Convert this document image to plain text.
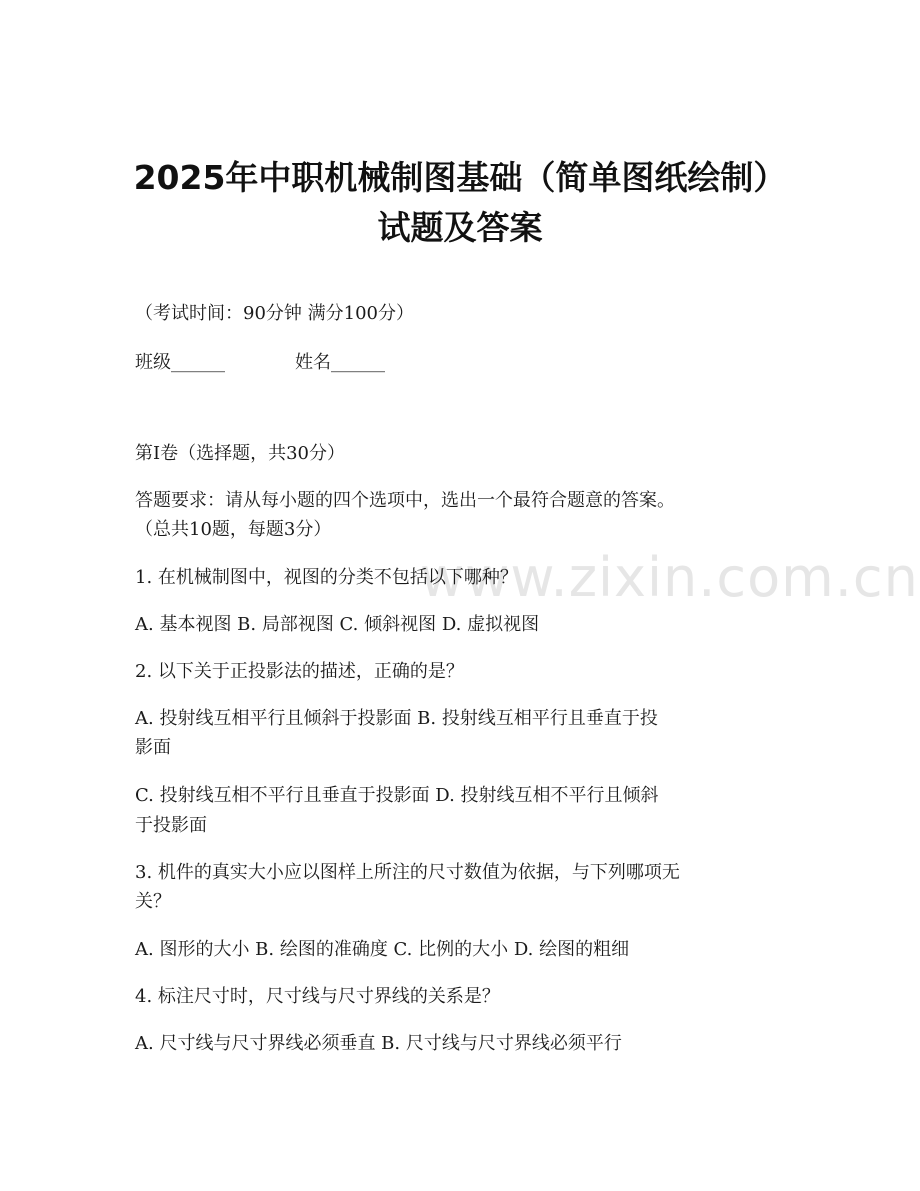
www.zixin.com.cn
2025年中职机械制图基础（简单图纸绘制）
试题及答案
（考试时间：90分钟 满分100分）
班级______	姓名______
第Ⅰ卷（选择题，共30分）
答题要求：请从每小题的四个选项中，选出一个最符合题意的答案。
（总共10题，每题3分）
1. 在机械制图中，视图的分类不包括以下哪种？
A. 基本视图 B. 局部视图 C. 倾斜视图 D. 虚拟视图
2. 以下关于正投影法的描述，正确的是？
A. 投射线互相平行且倾斜于投影面 B. 投射线互相平行且垂直于投
影面
C. 投射线互相不平行且垂直于投影面 D. 投射线互相不平行且倾斜
于投影面
3. 机件的真实大小应以图样上所注的尺寸数值为依据，与下列哪项无
关？
A. 图形的大小 B. 绘图的准确度 C. 比例的大小 D. 绘图的粗细
4. 标注尺寸时，尺寸线与尺寸界线的关系是？
A. 尺寸线与尺寸界线必须垂直 B. 尺寸线与尺寸界线必须平行
